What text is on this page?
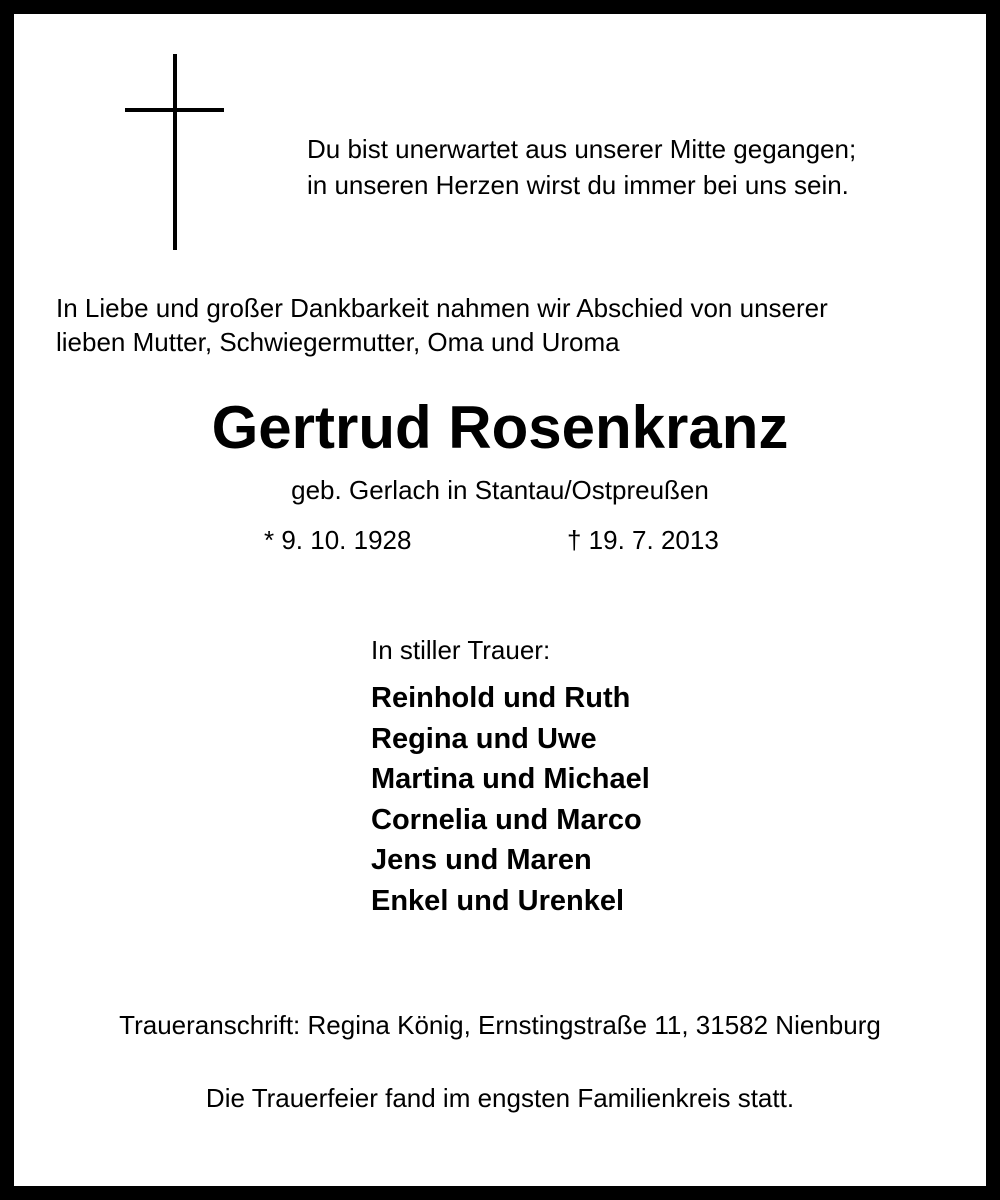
Du bist unerwartet aus unserer Mitte gegangen;
in unseren Herzen wirst du immer bei uns sein.
In Liebe und großer Dankbarkeit nahmen wir Abschied von unserer
lieben Mutter, Schwiegermutter, Oma und Uroma
Gertrud Rosenkranz
geb. Gerlach in Stantau/Ostpreußen
* 9. 10. 1928	† 19. 7. 2013
In stiller Trauer:
Reinhold und Ruth
Regina und Uwe
Martina und Michael
Cornelia und Marco
Jens und Maren
Enkel und Urenkel
Traueranschrift: Regina König, Ernstingstraße 11, 31582 Nienburg
Die Trauerfeier fand im engsten Familienkreis statt.
